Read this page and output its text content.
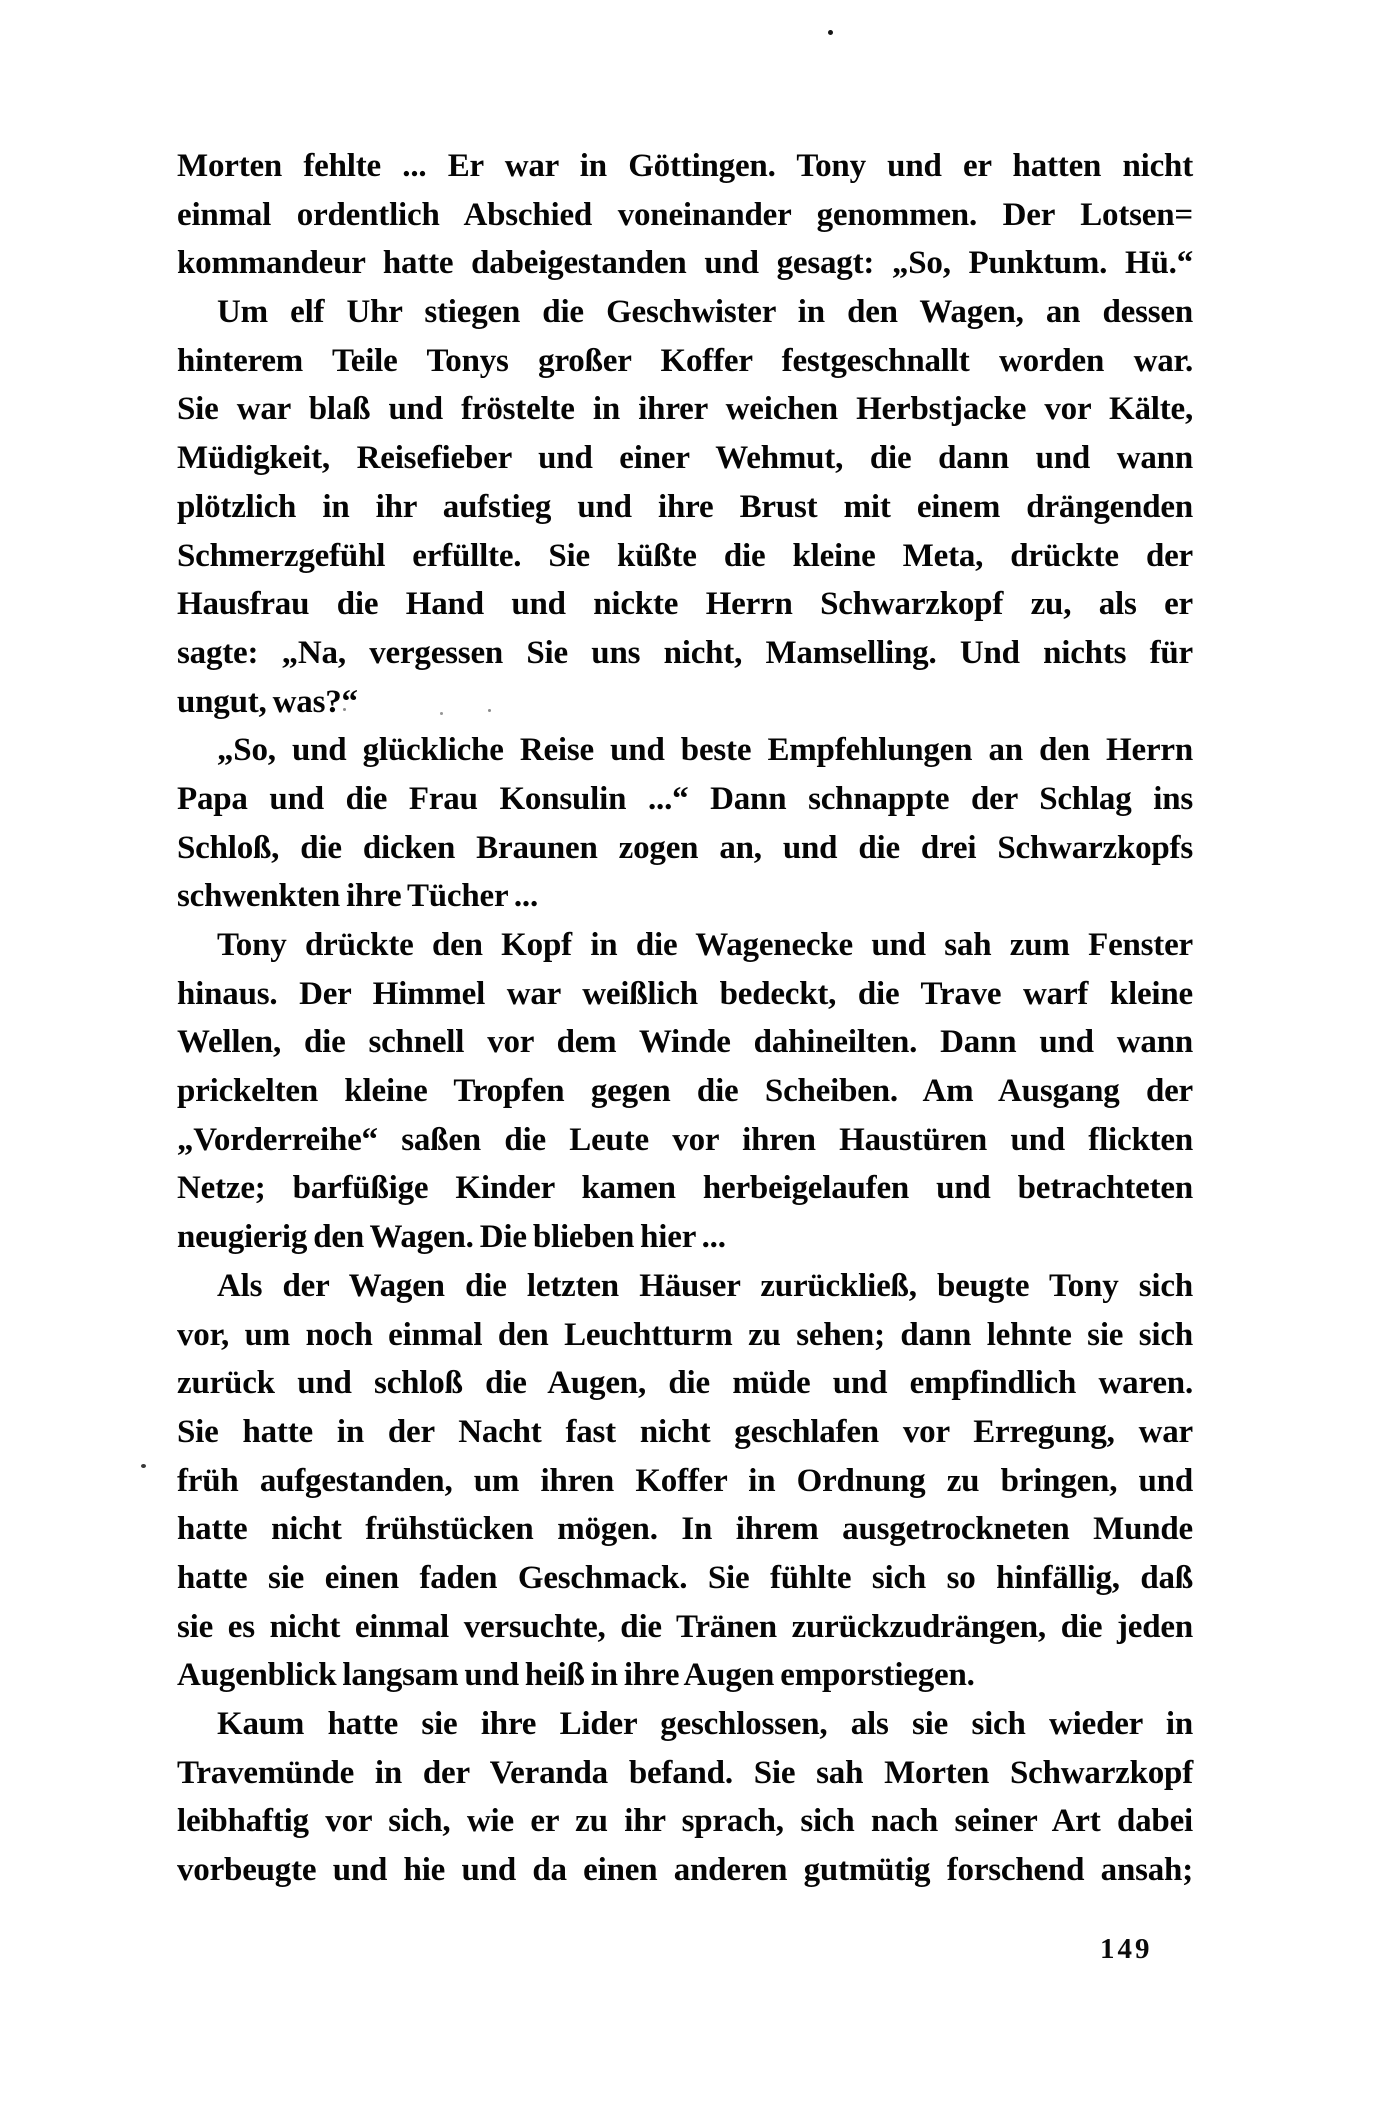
Morten fehlte ... Er war in Göttingen. Tony und er hatten nicht
einmal ordentlich Abschied voneinander genommen. Der Lotsen=
kommandeur hatte dabeigestanden und gesagt: „So, Punktum. Hü.“
Um elf Uhr stiegen die Geschwister in den Wagen, an dessen
hinterem Teile Tonys großer Koffer festgeschnallt worden war.
Sie war blaß und fröstelte in ihrer weichen Herbstjacke vor Kälte,
Müdigkeit, Reisefieber und einer Wehmut, die dann und wann
plötzlich in ihr aufstieg und ihre Brust mit einem drängenden
Schmerzgefühl erfüllte. Sie küßte die kleine Meta, drückte der
Hausfrau die Hand und nickte Herrn Schwarzkopf zu, als er
sagte: „Na, vergessen Sie uns nicht, Mamselling. Und nichts für
ungut, was?“
„So, und glückliche Reise und beste Empfehlungen an den Herrn
Papa und die Frau Konsulin ...“ Dann schnappte der Schlag ins
Schloß, die dicken Braunen zogen an, und die drei Schwarzkopfs
schwenkten ihre Tücher ...
Tony drückte den Kopf in die Wagenecke und sah zum Fenster
hinaus. Der Himmel war weißlich bedeckt, die Trave warf kleine
Wellen, die schnell vor dem Winde dahineilten. Dann und wann
prickelten kleine Tropfen gegen die Scheiben. Am Ausgang der
„Vorderreihe“ saßen die Leute vor ihren Haustüren und flickten
Netze; barfüßige Kinder kamen herbeigelaufen und betrachteten
neugierig den Wagen. Die blieben hier ...
Als der Wagen die letzten Häuser zurückließ, beugte Tony sich
vor, um noch einmal den Leuchtturm zu sehen; dann lehnte sie sich
zurück und schloß die Augen, die müde und empfindlich waren.
Sie hatte in der Nacht fast nicht geschlafen vor Erregung, war
früh aufgestanden, um ihren Koffer in Ordnung zu bringen, und
hatte nicht frühstücken mögen. In ihrem ausgetrockneten Munde
hatte sie einen faden Geschmack. Sie fühlte sich so hinfällig, daß
sie es nicht einmal versuchte, die Tränen zurückzudrängen, die jeden
Augenblick langsam und heiß in ihre Augen emporstiegen.
Kaum hatte sie ihre Lider geschlossen, als sie sich wieder in
Travemünde in der Veranda befand. Sie sah Morten Schwarzkopf
leibhaftig vor sich, wie er zu ihr sprach, sich nach seiner Art dabei
vorbeugte und hie und da einen anderen gutmütig forschend ansah;
149
